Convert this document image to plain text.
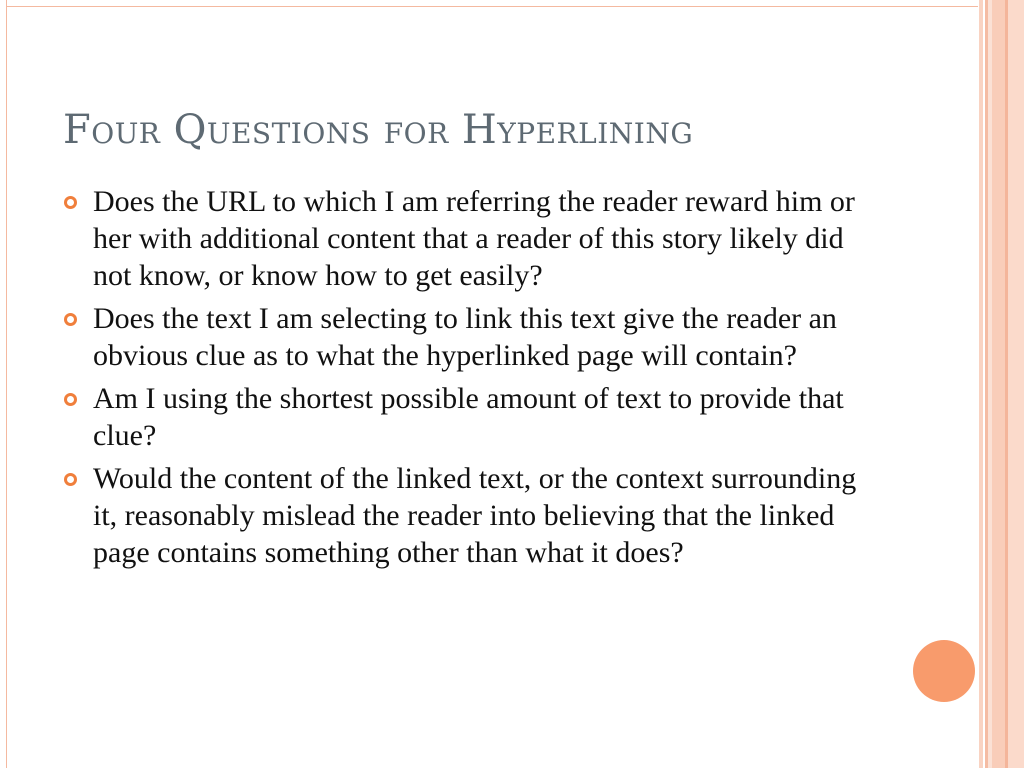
Four Questions for Hyperlining
Does the URL to which I am referring the reader reward him or her with additional content that a reader of this story likely did not know, or know how to get easily?
Does the text I am selecting to link this text give the reader an obvious clue as to what the hyperlinked page will contain?
Am I using the shortest possible amount of text to provide that clue?
Would the content of the linked text, or the context surrounding it, reasonably mislead the reader into believing that the linked page contains something other than what it does?
